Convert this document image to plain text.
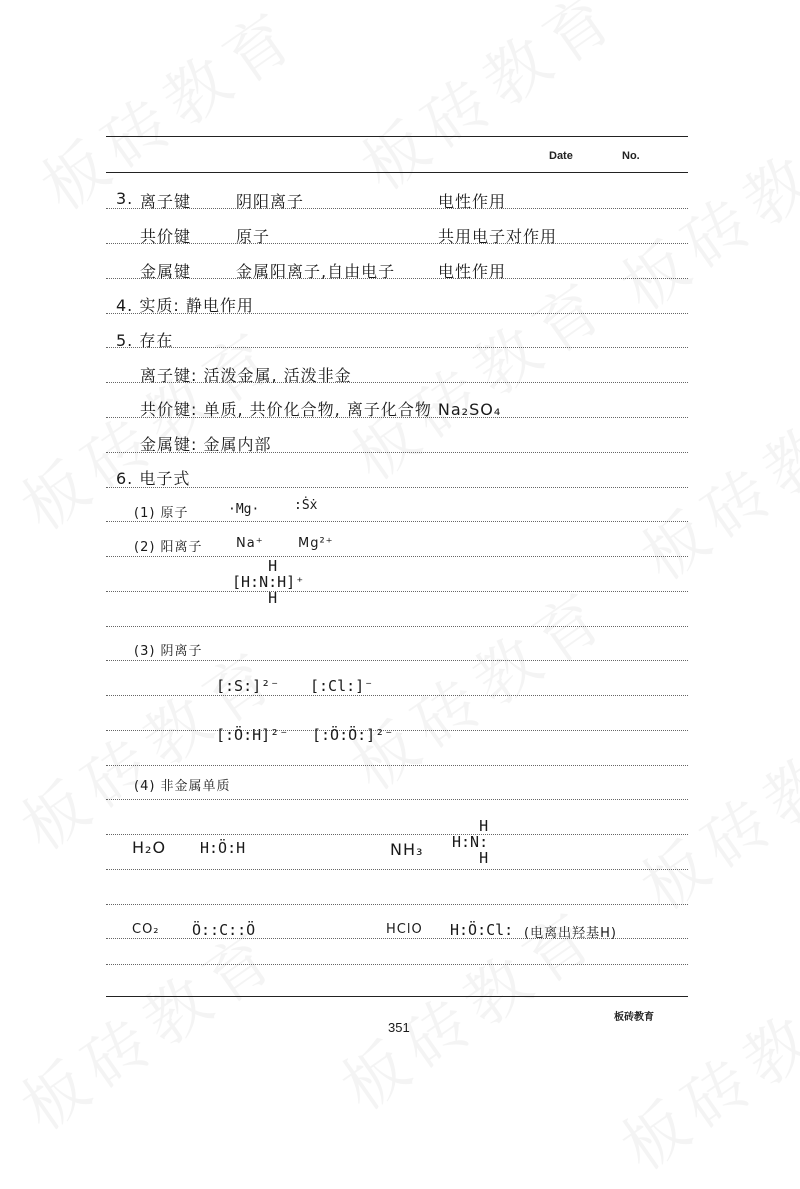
Date	No.
3. 离子键	阴阳离子	电性作用
共价键	原子	共用电子对作用
金属键	金属阳离子,自由电子	电性作用
4. 实质: 静电作用
5. 存在
离子键: 活泼金属, 活泼非金
共价键: 单质, 共价化合物, 离子化合物 Na₂SO₄
金属键: 金属内部
6. 电子式
(1) 原子	·Mg·	:Ṡẋ
(2) 阳离子	Na⁺	Mg²⁺
H
[H:N:H]⁺
H
(3) 阴离子
[:S:]²⁻ [:Cl:]⁻
[:Ö:H]²⁻ [:Ö:Ö:]²⁻
(4) 非金属单质
H₂O H:Ö:H	NH₃
H
H:N:
H
CO₂ Ö::C::Ö	HClO H:Ö:Cl: (电离出羟基H)
351
板砖教育
